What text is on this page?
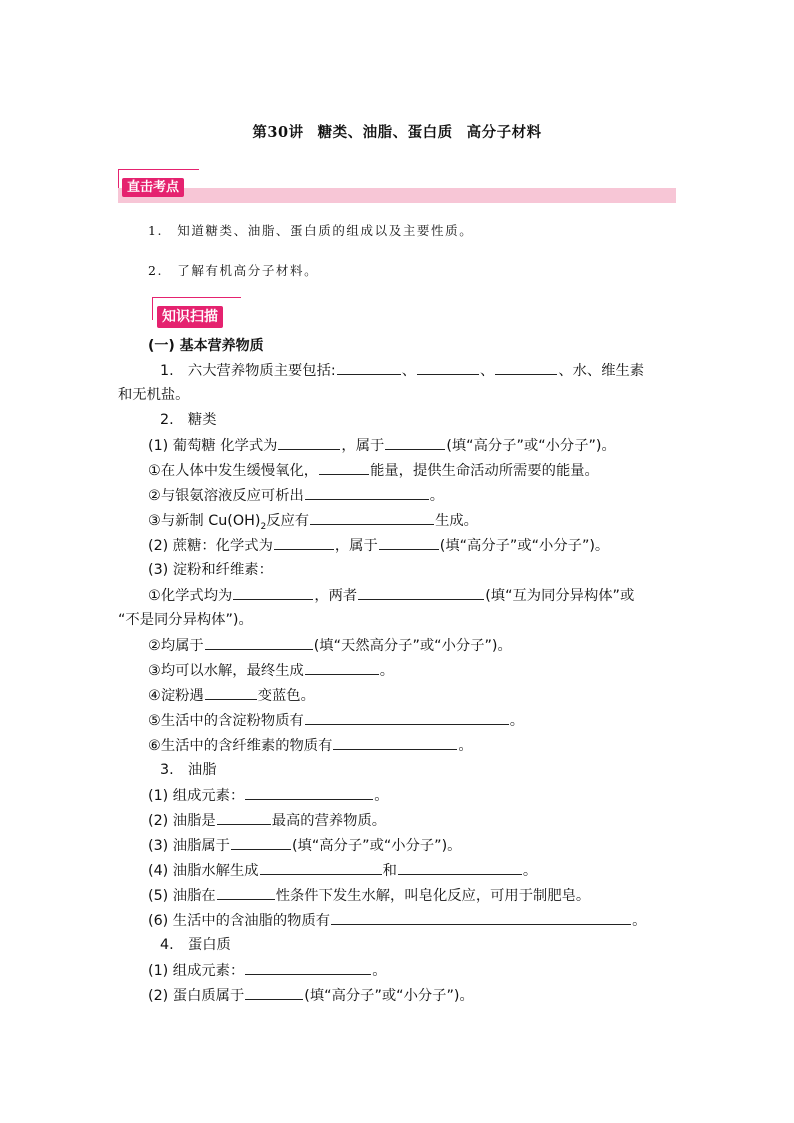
第30讲 糖类、油脂、蛋白质 高分子材料
直击考点
1.　知道糖类、油脂、蛋白质的组成以及主要性质。
2.　了解有机高分子材料。
知识扫描
(一) 基本营养物质
1.　六大营养物质主要包括:	、	、	、水、维生素
和无机盐。
2.　糖类
(1) 葡萄糖 化学式为	，属于	(填“高分子”或“小分子”)。
①在人体中发生缓慢氧化，	能量，提供生命活动所需要的能量。
②与银氨溶液反应可析出	。
③与新制 $Cu(OH)_2$反应有	生成。
(2) 蔗糖：化学式为	，属于	(填“高分子”或“小分子”)。
(3) 淀粉和纤维素：
①化学式均为	，两者	(填“互为同分异构体”或
“不是同分异构体”)。
②均属于	(填“天然高分子”或“小分子”)。
③均可以水解，最终生成	。
④淀粉遇	变蓝色。
⑤生活中的含淀粉物质有	。
⑥生活中的含纤维素的物质有	。
3.　油脂
(1) 组成元素：	。
(2) 油脂是	最高的营养物质。
(3) 油脂属于	(填“高分子”或“小分子”)。
(4) 油脂水解生成	和	。
(5) 油脂在	性条件下发生水解，叫皂化反应，可用于制肥皂。
(6) 生活中的含油脂的物质有	。
4.　蛋白质
(1) 组成元素：	。
(2) 蛋白质属于	(填“高分子”或“小分子”)。
